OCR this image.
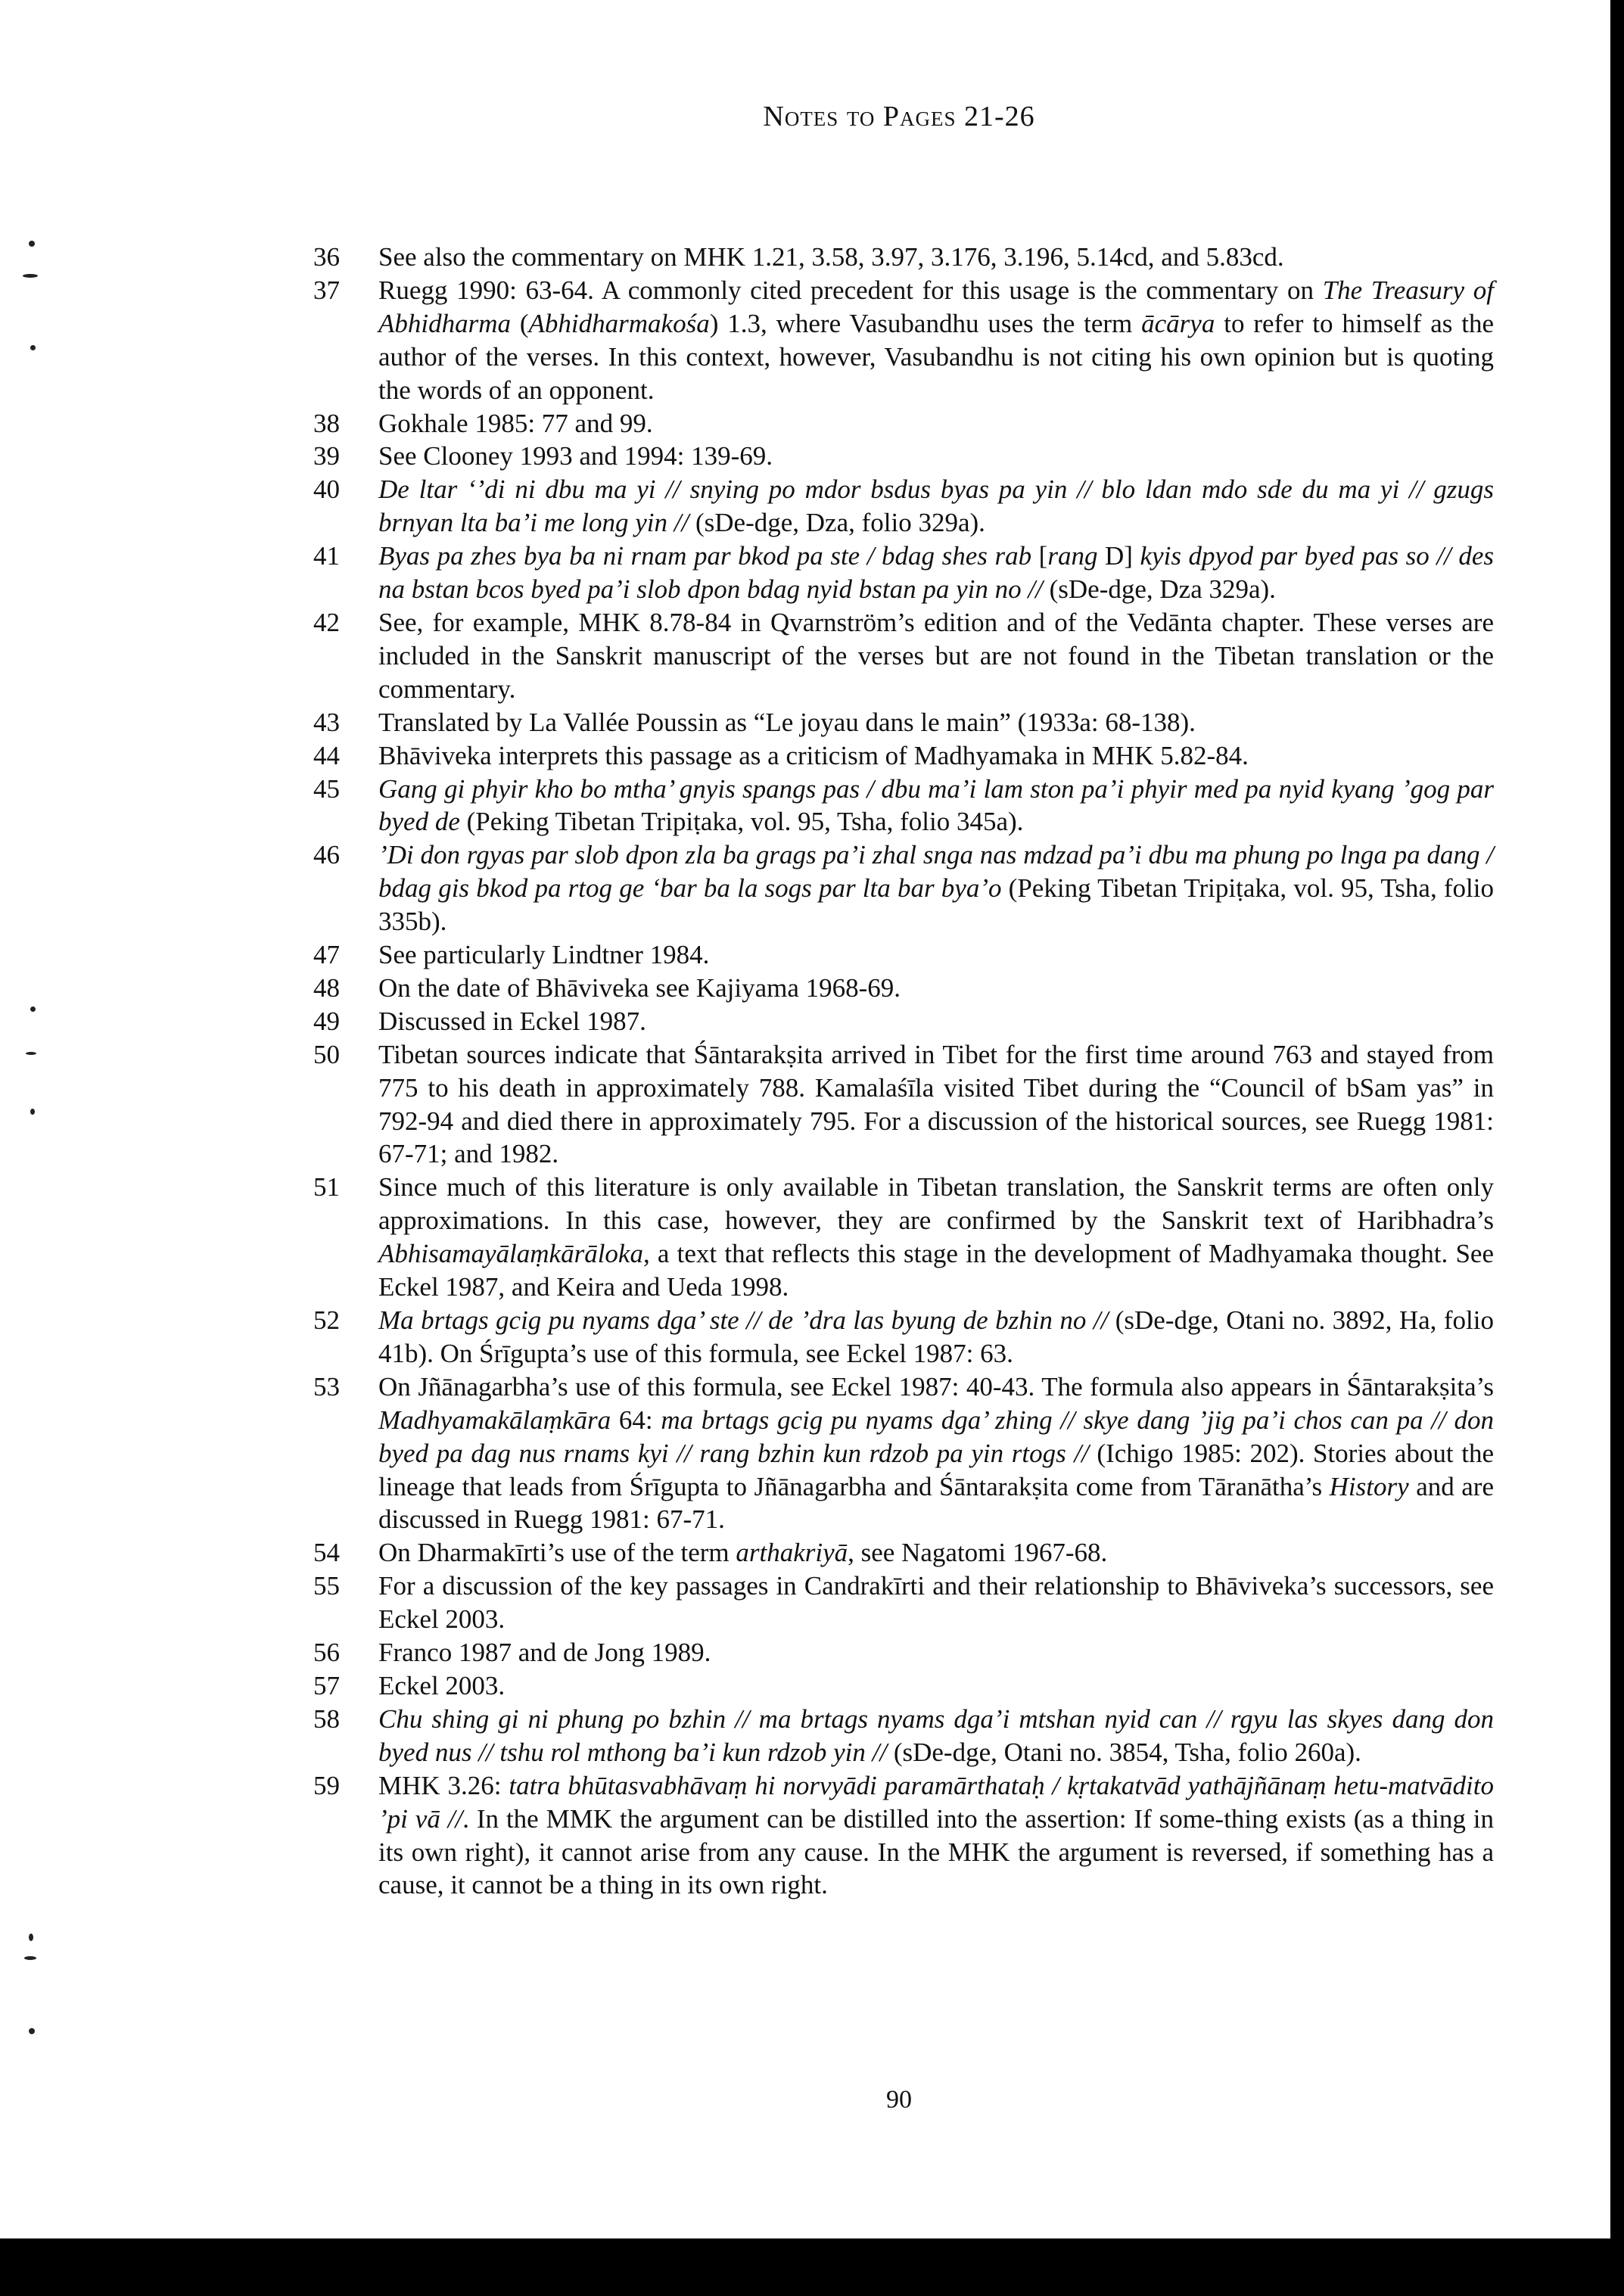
Notes to Pages 21-26
36	See also the commentary on MHK 1.21, 3.58, 3.97, 3.176, 3.196, 5.14cd, and 5.83cd.
37	Ruegg 1990: 63-64. A commonly cited precedent for this usage is the commentary on The Treasury of Abhidharma (Abhidharmakośa) 1.3, where Vasubandhu uses the term ācārya to refer to himself as the author of the verses. In this context, however, Vasubandhu is not citing his own opinion but is quoting the words of an opponent.
38	Gokhale 1985: 77 and 99.
39	See Clooney 1993 and 1994: 139-69.
40	De ltar ‘’di ni dbu ma yi // snying po mdor bsdus byas pa yin // blo ldan mdo sde du ma yi // gzugs brnyan lta ba’i me long yin // (sDe-dge, Dza, folio 329a).
41	Byas pa zhes bya ba ni rnam par bkod pa ste / bdag shes rab [rang D] kyis dpyod par byed pas so // des na bstan bcos byed pa’i slob dpon bdag nyid bstan pa yin no // (sDe-dge, Dza 329a).
42	See, for example, MHK 8.78-84 in Qvarnström’s edition and of the Vedānta chapter. These verses are included in the Sanskrit manuscript of the verses but are not found in the Tibetan translation or the commentary.
43	Translated by La Vallée Poussin as “Le joyau dans le main” (1933a: 68-138).
44	Bhāviveka interprets this passage as a criticism of Madhyamaka in MHK 5.82-84.
45	Gang gi phyir kho bo mtha’ gnyis spangs pas / dbu ma’i lam ston pa’i phyir med pa nyid kyang ’gog par byed de (Peking Tibetan Tripiṭaka, vol. 95, Tsha, folio 345a).
46	’Di don rgyas par slob dpon zla ba grags pa’i zhal snga nas mdzad pa’i dbu ma phung po lnga pa dang / bdag gis bkod pa rtog ge ‘bar ba la sogs par lta bar bya’o (Peking Tibetan Tripiṭaka, vol. 95, Tsha, folio 335b).
47	See particularly Lindtner 1984.
48	On the date of Bhāviveka see Kajiyama 1968-69.
49	Discussed in Eckel 1987.
50	Tibetan sources indicate that Śāntarakṣita arrived in Tibet for the first time around 763 and stayed from 775 to his death in approximately 788. Kamalaśīla visited Tibet during the “Council of bSam yas” in 792-94 and died there in approximately 795. For a discussion of the historical sources, see Ruegg 1981: 67-71; and 1982.
51	Since much of this literature is only available in Tibetan translation, the Sanskrit terms are often only approximations. In this case, however, they are confirmed by the Sanskrit text of Haribhadra’s Abhisamayālaṃkārāloka, a text that reflects this stage in the development of Madhyamaka thought. See Eckel 1987, and Keira and Ueda 1998.
52	Ma brtags gcig pu nyams dga’ ste // de ’dra las byung de bzhin no // (sDe-dge, Otani no. 3892, Ha, folio 41b). On Śrīgupta’s use of this formula, see Eckel 1987: 63.
53	On Jñānagarbha’s use of this formula, see Eckel 1987: 40-43. The formula also appears in Śāntarakṣita’s Madhyamakālaṃkāra 64: ma brtags gcig pu nyams dga’ zhing // skye dang ’jig pa’i chos can pa // don byed pa dag nus rnams kyi // rang bzhin kun rdzob pa yin rtogs // (Ichigo 1985: 202). Stories about the lineage that leads from Śrīgupta to Jñānagarbha and Śāntarakṣita come from Tāranātha’s History and are discussed in Ruegg 1981: 67-71.
54	On Dharmakīrti’s use of the term arthakriyā, see Nagatomi 1967-68.
55	For a discussion of the key passages in Candrakīrti and their relationship to Bhāviveka’s successors, see Eckel 2003.
56	Franco 1987 and de Jong 1989.
57	Eckel 2003.
58	Chu shing gi ni phung po bzhin // ma brtags nyams dga’i mtshan nyid can // rgyu las skyes dang don byed nus // tshu rol mthong ba’i kun rdzob yin // (sDe-dge, Otani no. 3854, Tsha, folio 260a).
59	MHK 3.26: tatra bhūtasvabhāvaṃ hi norvyādi paramārthataḥ / kṛtakatvād yathājñānaṃ hetu-matvādito ’pi vā //. In the MMK the argument can be distilled into the assertion: If some-thing exists (as a thing in its own right), it cannot arise from any cause. In the MHK the argument is reversed, if something has a cause, it cannot be a thing in its own right.
90
